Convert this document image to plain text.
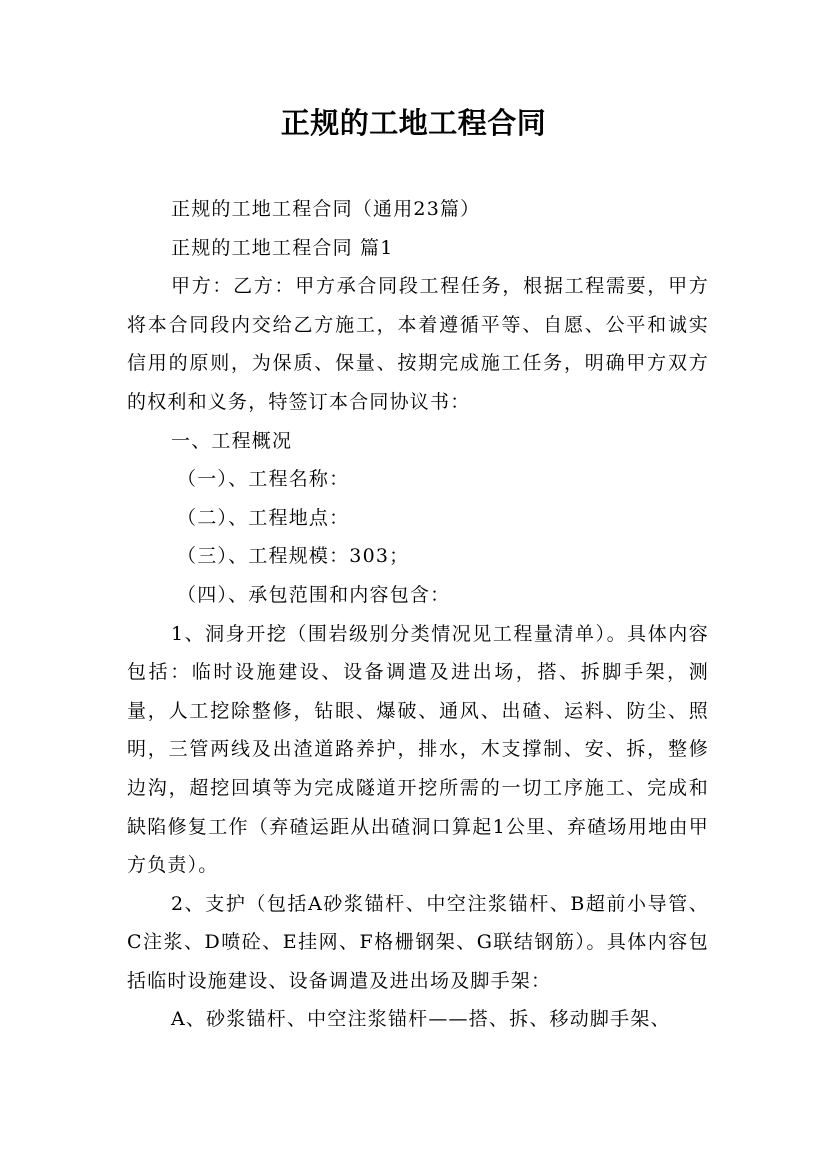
正规的工地工程合同

正规的工地工程合同（通用23篇）

正规的工地工程合同 篇1

甲方：乙方：甲方承合同段工程任务，根据工程需要，甲方将本合同段内交给乙方施工，本着遵循平等、自愿、公平和诚实信用的原则，为保质、保量、按期完成施工任务，明确甲方双方的权利和义务，特签订本合同协议书：

一、工程概况

（一）、工程名称：

（二）、工程地点：

（三）、工程规模：303；

（四）、承包范围和内容包含：

1、洞身开挖（围岩级别分类情况见工程量清单）。具体内容包括：临时设施建设、设备调遣及进出场，搭、拆脚手架，测量，人工挖除整修，钻眼、爆破、通风、出碴、运料、防尘、照明，三管两线及出渣道路养护，排水，木支撑制、安、拆，整修边沟，超挖回填等为完成隧道开挖所需的一切工序施工、完成和缺陷修复工作（弃碴运距从出碴洞口算起1公里、弃碴场用地由甲方负责）。

2、支护（包括A砂浆锚杆、中空注浆锚杆、B超前小导管、C注浆、D喷砼、E挂网、F格栅钢架、G联结钢筋）。具体内容包括临时设施建设、设备调遣及进出场及脚手架：

A、砂浆锚杆、中空注浆锚杆——搭、拆、移动脚手架、
